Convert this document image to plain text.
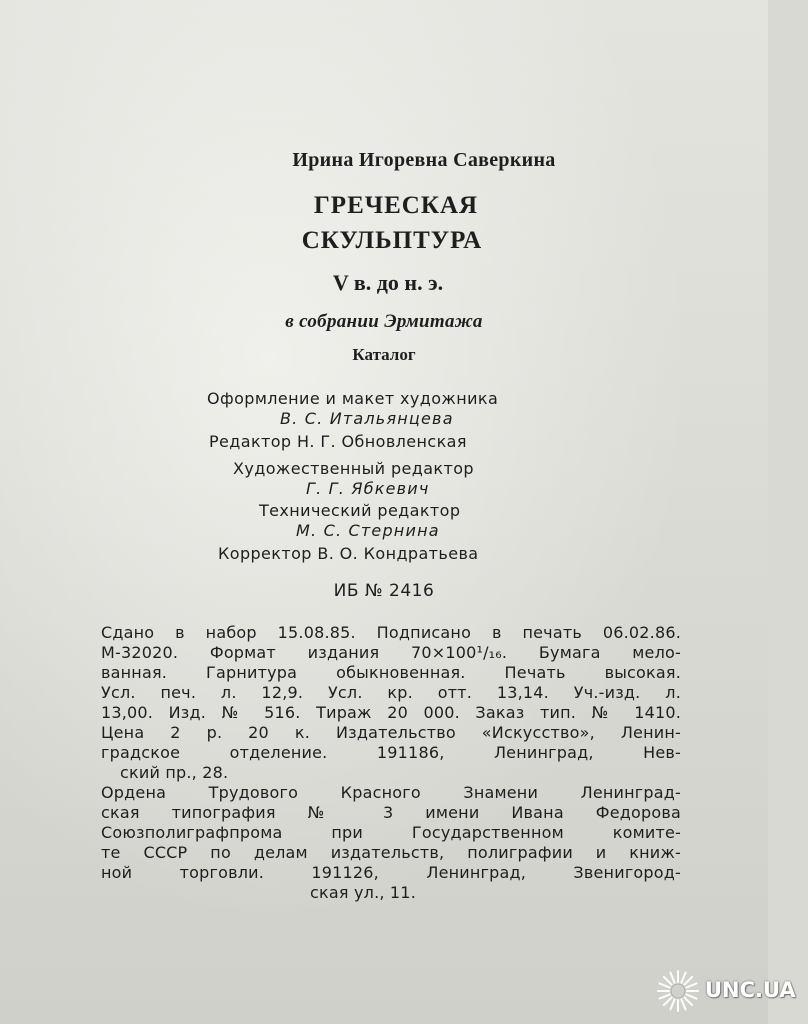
Ирина Игоревна Саверкина
ГРЕЧЕСКАЯ
СКУЛЬПТУРА
V в. до н. э.
в собрании Эрмитажа
Каталог
Оформление и макет художника
В. С. Итальянцева
Редактор Н. Г. Обновленская
Художественный редактор
Г. Г. Ябкевич
Технический редактор
М. С. Стернина
Корректор В. О. Кондратьева
ИБ № 2416
Сдано в набор 15.08.85. Подписано в печать 06.02.86.
М-32020. Формат издания 70×100¹/₁₆. Бумага мело-
ванная. Гарнитура обыкновенная. Печать высокая.
Усл. печ. л. 12,9. Усл. кр. отт. 13,14. Уч.-изд. л.
13,00. Изд. № 516. Тираж 20 000. Заказ тип. № 1410.
Цена 2 р. 20 к. Издательство «Искусство», Ленин-
градское отделение. 191186, Ленинград, Нев-
ский пр., 28.
Ордена Трудового Красного Знамени Ленинград-
ская типография № 3 имени Ивана Федорова
Союзполиграфпрома при Государственном комите-
те СССР по делам издательств, полиграфии и книж-
ной торговли. 191126, Ленинград, Звенигород-
ская ул., 11.
UNC.UA
